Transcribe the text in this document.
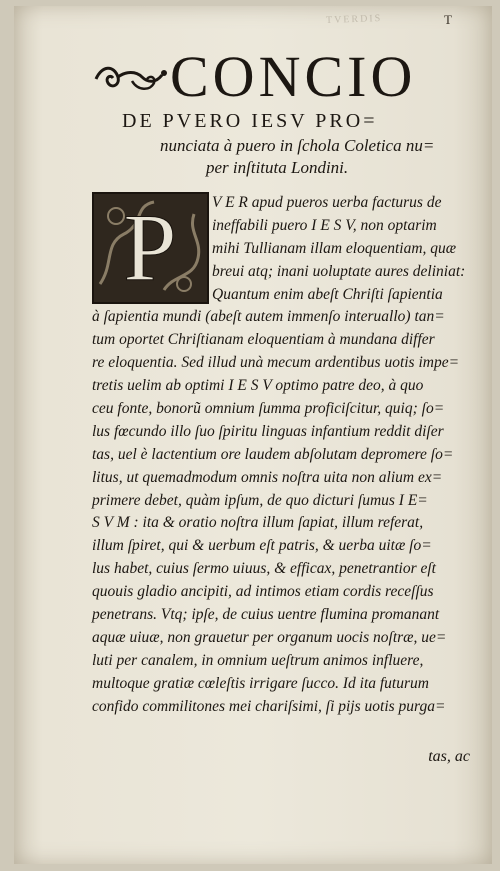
TVERDIS	T
CONCIO
DE PVERO IESV PRO=
nunciata à puero in ſchola Coletica nu=
per inſtituta Londini.
P	V E R apud pueros uerba facturus de
ineffabili puero I E S V, non optarim
mihi Tullianam illam eloquentiam, quæ
breui atq; inani uoluptate aures deliniat:
Quantum enim abeſt Chriſti ſapientia
à ſapientia mundi (abeſt autem immenſo interuallo) tan=
tum oportet Chriſtianam eloquentiam à mundana differ
re eloquentia. Sed illud unà mecum ardentibus uotis impe=
tretis uelim ab optimi I E S V optimo patre deo, à quo
ceu fonte, bonorũ omnium ſumma proficiſcitur, quiq; ſo=
lus fœcundo illo ſuo ſpiritu linguas infantium reddit diſer
tas, uel è lactentium ore laudem abſolutam depromere ſo=
litus, ut quemadmodum omnis noſtra uita non alium ex=
primere debet, quàm ipſum, de quo dicturi ſumus I E=
S V M : ita & oratio noſtra illum ſapiat, illum referat,
illum ſpiret, qui & uerbum eſt patris, & uerba uitæ ſo=
lus habet, cuius ſermo uiuus, & efficax, penetrantior eſt
quouis gladio ancipiti, ad intimos etiam cordis receſſus
penetrans. Vtq; ipſe, de cuius uentre flumina promanant
aquæ uiuæ, non grauetur per organum uocis noſtræ, ue=
luti per canalem, in omnium ueſtrum animos influere,
multoque gratiæ cœleſtis irrigare ſucco. Id ita futurum
confido commilitones mei chariſsimi, ſi pijs uotis purga=
tas, ac
